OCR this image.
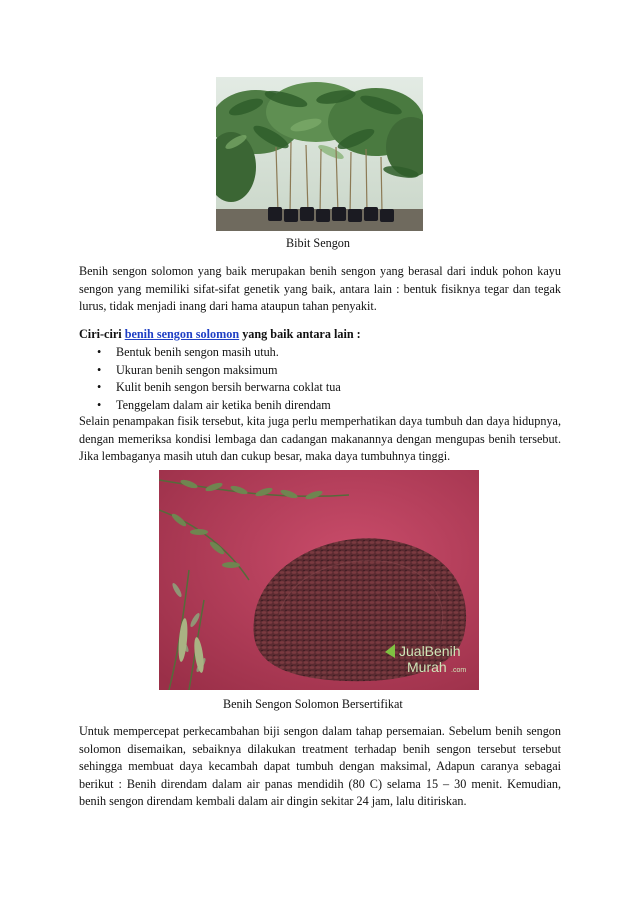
Bibit Sengon

Benih sengon solomon yang baik merupakan benih sengon yang berasal dari induk pohon kayu sengon yang memiliki sifat-sifat genetik yang baik, antara lain : bentuk fisiknya tegar dan tegak lurus, tidak menjadi inang dari hama ataupun tahan penyakit.

Ciri-ciri benih sengon solomon yang baik antara lain :

• Bentuk benih sengon masih utuh.
• Ukuran benih sengon maksimum
• Kulit benih sengon bersih berwarna coklat tua
• Tenggelam dalam air ketika benih direndam

Selain penampakan fisik tersebut, kita juga perlu memperhatikan daya tumbuh dan daya hidupnya, dengan memeriksa kondisi lembaga dan cadangan makanannya dengan mengupas benih tersebut. Jika lembaganya masih utuh dan cukup besar, maka daya tumbuhnya tinggi.

JualBenih
Murah .com

Benih Sengon Solomon Bersertifikat

Untuk mempercepat perkecambahan biji sengon dalam tahap persemaian. Sebelum benih sengon solomon disemaikan, sebaiknya dilakukan treatment terhadap benih sengon tersebut tersebut sehingga membuat daya kecambah dapat tumbuh dengan maksimal, Adapun caranya sebagai berikut : Benih direndam dalam air panas mendidih (80 C) selama 15 – 30 menit. Kemudian, benih sengon direndam kembali dalam air dingin sekitar 24 jam, lalu ditiriskan.
